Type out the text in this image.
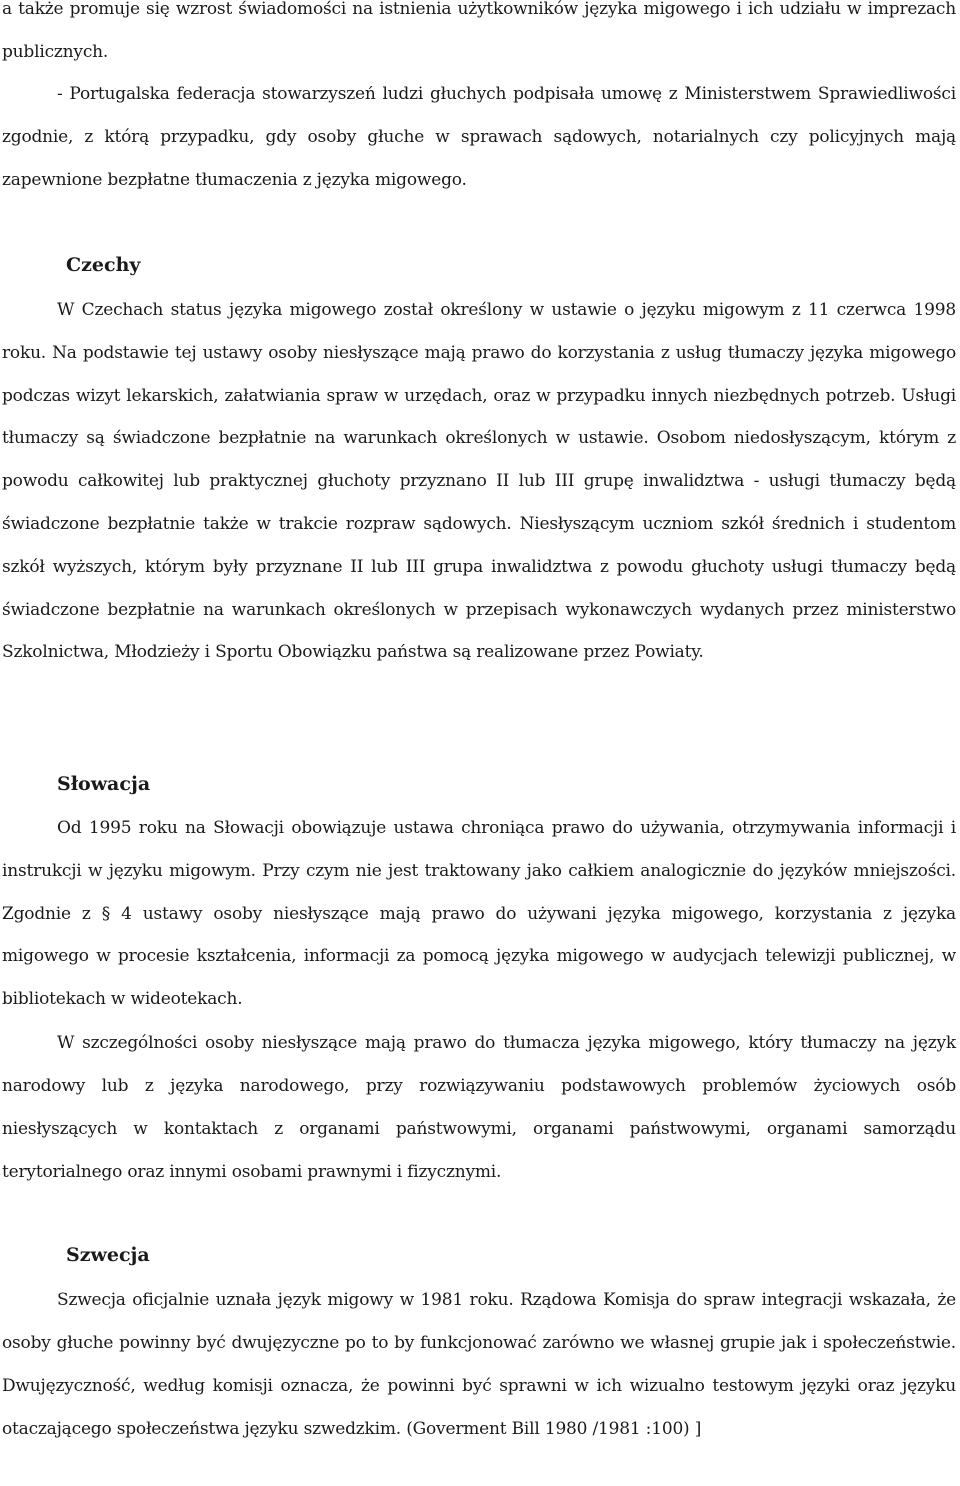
a także promuje się wzrost świadomości na istnienia użytkowników języka migowego i ich udziału w imprezach publicznych.

- Portugalska federacja stowarzyszeń ludzi głuchych podpisała umowę z Ministerstwem Sprawiedliwości zgodnie, z którą przypadku, gdy osoby głuche w sprawach sądowych, notarialnych czy policyjnych mają zapewnione bezpłatne tłumaczenia z języka migowego.

Czechy

W Czechach status języka migowego został określony w ustawie o języku migowym z 11 czerwca 1998 roku. Na podstawie tej ustawy osoby niesłyszące mają prawo do korzystania z usług tłumaczy języka migowego podczas wizyt lekarskich, załatwiania spraw w urzędach, oraz w przypadku innych niezbędnych potrzeb. Usługi tłumaczy są świadczone bezpłatnie na warunkach określonych w ustawie. Osobom niedosłyszącym, którym z powodu całkowitej lub praktycznej głuchoty przyznano II lub III grupę inwalidztwa - usługi tłumaczy będą świadczone bezpłatnie także w trakcie rozpraw sądowych. Niesłyszącym uczniom szkół średnich i studentom szkół wyższych, którym były przyznane II lub III grupa inwalidztwa z powodu głuchoty usługi tłumaczy będą świadczone bezpłatnie na warunkach określonych w przepisach wykonawczych wydanych przez ministerstwo Szkolnictwa, Młodzieży i Sportu Obowiązku państwa są realizowane przez Powiaty.

Słowacja

Od 1995 roku na Słowacji obowiązuje ustawa chroniąca prawo do używania, otrzymywania informacji i instrukcji w języku migowym. Przy czym nie jest traktowany jako całkiem analogicznie do języków mniejszości. Zgodnie z § 4 ustawy osoby niesłyszące mają prawo do używani języka migowego, korzystania z języka migowego w procesie kształcenia, informacji za pomocą języka migowego w audycjach telewizji publicznej, w bibliotekach w wideotekach.

W szczególności osoby niesłyszące mają prawo do tłumacza języka migowego, który tłumaczy na język narodowy lub z języka narodowego, przy rozwiązywaniu podstawowych problemów życiowych osób niesłyszących w kontaktach z organami państwowymi, organami państwowymi, organami samorządu terytorialnego oraz innymi osobami prawnymi i fizycznymi.

Szwecja

Szwecja oficjalnie uznała język migowy w 1981 roku. Rządowa Komisja do spraw integracji wskazała, że osoby głuche powinny być dwujęzyczne po to by funkcjonować zarówno we własnej grupie jak i społeczeństwie. Dwujęzyczność, według komisji oznacza, że powinni być sprawni w ich wizualno testowym języki oraz języku otaczającego społeczeństwa języku szwedzkim. (Goverment Bill 1980 /1981 :100) ]
